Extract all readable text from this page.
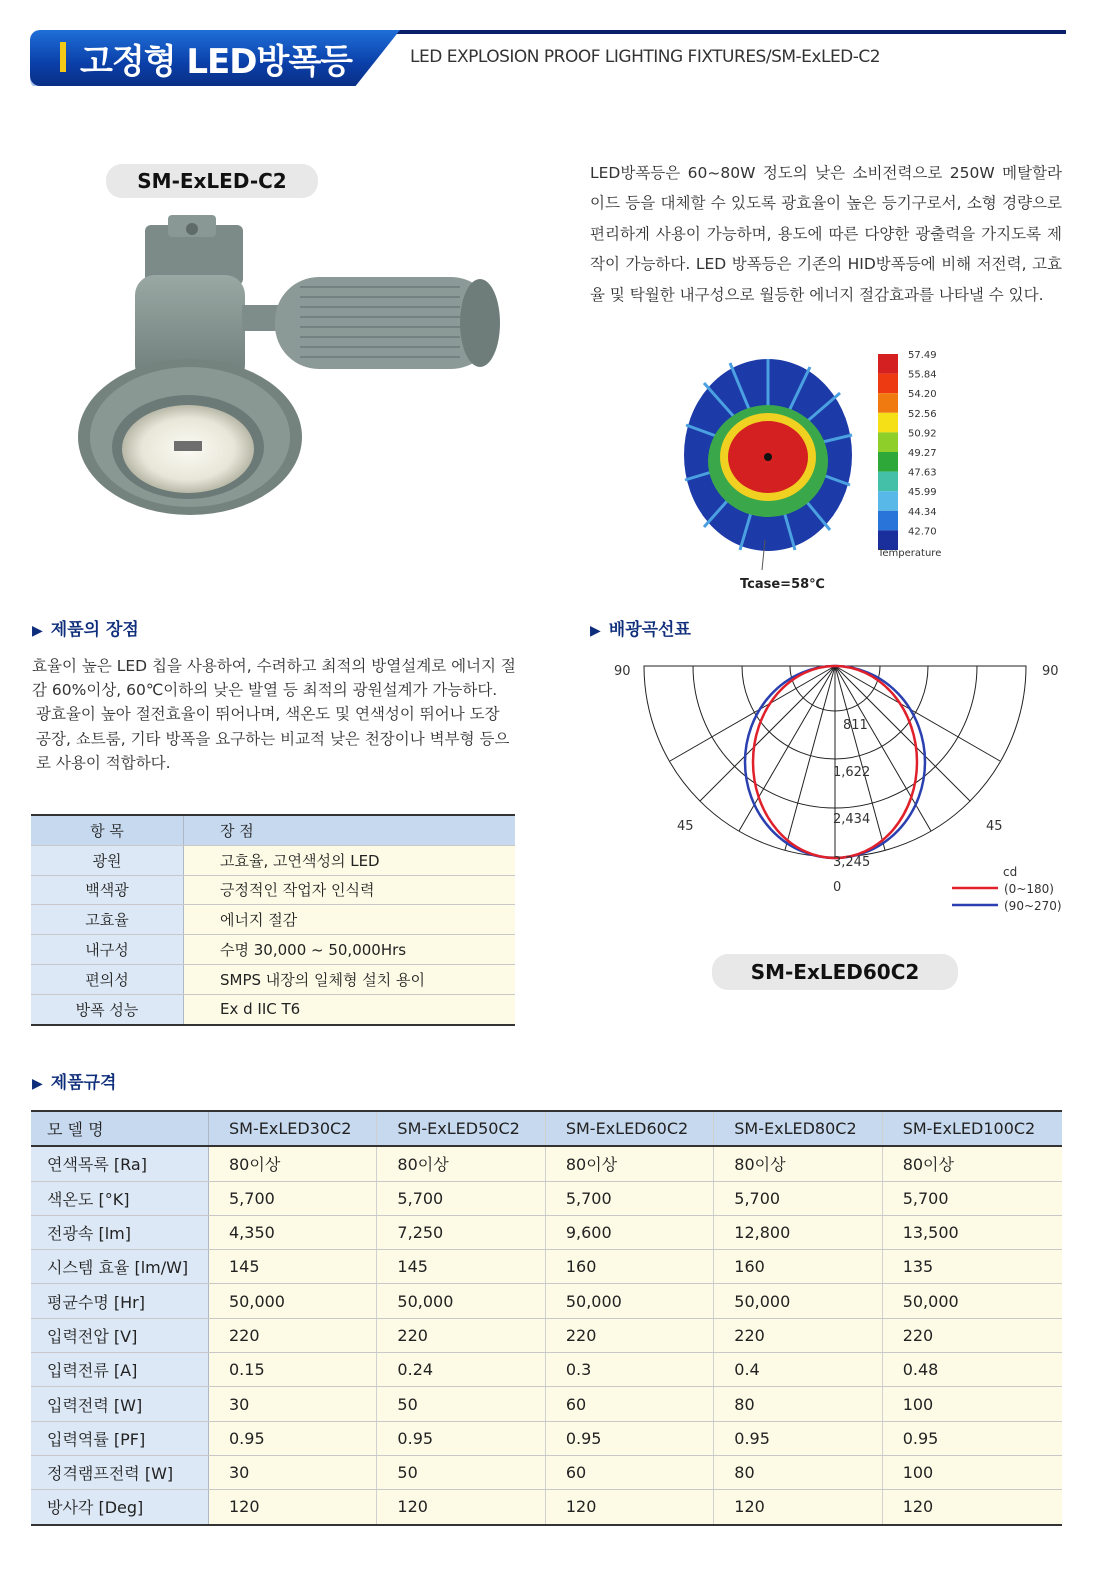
고정형 LED방폭등	LED EXPLOSION PROOF LIGHTING FIXTURES/SM-ExLED-C2
SM-ExLED-C2	LED방폭등은 60~80W 정도의 낮은 소비전력으로 250W 메탈할라이드 등을 대체할 수 있도록 광효율이 높은 등기구로서, 소형 경량으로 편리하게 사용이 가능하며, 용도에 따른 다양한 광출력을 가지도록 제작이 가능하다. LED 방폭등은 기존의 HID방폭등에 비해 저전력, 고효율 및 탁월한 내구성으로 월등한 에너지 절감효과를 나타낼 수 있다.
57.49
55.84
54.20
52.56
50.92
49.27
47.63
45.99
44.34
42.70
Temperature
Tcase=58℃
▶ 제품의 장점

효율이 높은 LED 칩을 사용하여, 수려하고 최적의 방열설계로 에너지 절감 60%이상, 60℃이하의 낮은 발열 등 최적의 광원설계가 가능하다.

광효율이 높아 절전효율이 뛰어나며, 색온도 및 연색성이 뛰어나 도장 공장, 쇼트룸, 기타 방폭을 요구하는 비교적 낮은 천장이나 벽부형 등으로 사용이 적합하다.

항 목	장 점
광원	고효율, 고연색성의 LED
백색광	긍정적인 작업자 인식력
고효율	에너지 절감
내구성	수명 30,000 ~ 50,000Hrs
편의성	SMPS 내장의 일체형 설치 용이
방폭 성능	Ex d IIC T6
▶ 배광곡선표
90	90
45	45
0
811
1,622
2,434
3,245
cd
(0~180)
(90~270)
SM-ExLED60C2
▶ 제품규격
모 델 명	SM-ExLED30C2	SM-ExLED50C2	SM-ExLED60C2	SM-ExLED80C2	SM-ExLED100C2
연색목록 [Ra]	80이상	80이상	80이상	80이상	80이상
색온도 [°K]	5,700	5,700	5,700	5,700	5,700
전광속 [lm]	4,350	7,250	9,600	12,800	13,500
시스템 효율 [lm/W]	145	145	160	160	135
평균수명 [Hr]	50,000	50,000	50,000	50,000	50,000
입력전압 [V]	220	220	220	220	220
입력전류 [A]	0.15	0.24	0.3	0.4	0.48
입력전력 [W]	30	50	60	80	100
입력역률 [PF]	0.95	0.95	0.95	0.95	0.95
정격램프전력 [W]	30	50	60	80	100
방사각 [Deg]	120	120	120	120	120
